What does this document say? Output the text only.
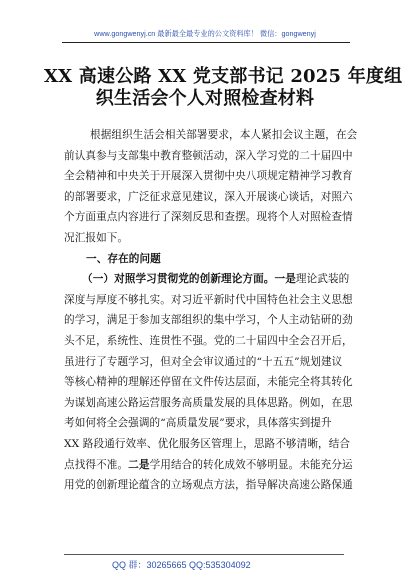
www.gongwenyj.cn 最新最全最专业的公文资料库！ 微信：gongwenyj
XX 高速公路 XX 党支部书记 2025 年度组
织生活会个人对照检查材料
根据组织生活会相关部署要求，本人紧扣会议主题，在会
前认真参与支部集中教育整顿活动，深入学习党的二十届四中
全会精神和中央关于开展深入贯彻中央八项规定精神学习教育
的部署要求，广泛征求意见建议，深入开展谈心谈话，对照六
个方面重点内容进行了深刻反思和查摆。现将个人对照检查情
况汇报如下。
一、存在的问题
（一）对照学习贯彻党的创新理论方面。一是理论武装的
深度与厚度不够扎实。对习近平新时代中国特色社会主义思想
的学习，满足于参加支部组织的集中学习，个人主动钻研的劲
头不足，系统性、连贯性不强。党的二十届四中全会召开后，
虽进行了专题学习，但对全会审议通过的“十五五”规划建议
等核心精神的理解还停留在文件传达层面，未能完全将其转化
为谋划高速公路运营服务高质量发展的具体思路。例如，在思
考如何将全会强调的“高质量发展”要求，具体落实到提升
XX 路段通行效率、优化服务区管理上，思路不够清晰，结合
点找得不准。二是学用结合的转化成效不够明显。未能充分运
用党的创新理论蕴含的立场观点方法，指导解决高速公路保通
QQ 群：30265665 QQ:535304092
